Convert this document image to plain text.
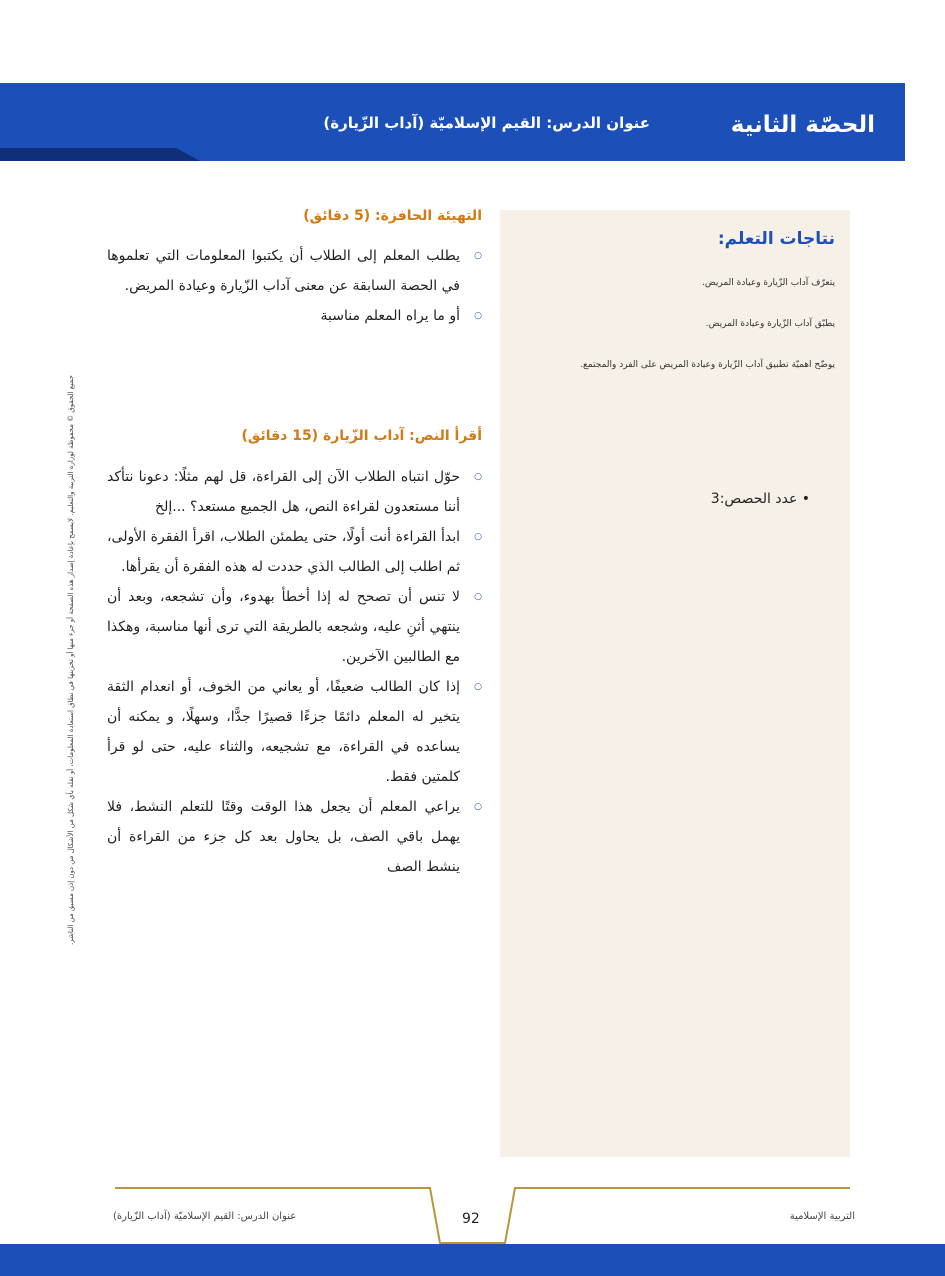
الحصّة الثانية
عنوان الدرس: القيم الإسلاميّة (آداب الزّيارة)
نتاجات التعلم:
يتعرّف آداب الزّيارة وعيادة المريض.
يطبّق آداب الزّيارة وعيادة المريض.
يوضّح اهميّة تطبيق آداب الزّيارة وعيادة المريض على الفرد والمجتمع.
• عدد الحصص:3
التهيئة الحافزة: (5 دقائق)
○ يطلب المعلم إلى الطلاب أن يكتبوا المعلومات التي تعلموها في الحصة السابقة عن معنى آداب الزّيارة وعيادة المريض.
○ أو ما يراه المعلم مناسبة
أقرأ النص: آداب الزّيارة (15 دقائق)
○ حوّل انتباه الطلاب الآن إلى القراءة، قل لهم مثلًا: دعونا نتأكد أننا مستعدون لقراءة النص، هل الجميع مستعد؟ ...إلخ
○ ابدأ القراءة أنت أولًا، حتى يطمئن الطلاب، اقرأ الفقرة الأولى، ثم اطلب إلى الطالب الذي حددت له هذه الفقرة أن يقرأها.
○ لا تنس أن تصحح له إذا أخطأ بهدوء، وأن تشجعه، وبعد أن ينتهي أثنِ عليه، وشجعه بالطريقة التي ترى أنها مناسبة، وهكذا مع الطالبين الآخرين.
○ إذا كان الطالب ضعيفًا، أو يعاني من الخوف، أو انعدام الثقة يتخير له المعلم دائمًا جزءًا قصيرًا جدًّا، وسهلًا، و يمكنه أن يساعده في القراءة، مع تشجيعه، والثناء عليه، حتى لو قرأ كلمتين فقط.
○ يراعي المعلم أن يجعل هذا الوقت وقتًا للتعلم النشط، فلا يهمل باقي الصف، بل يحاول بعد كل جزء من القراءة أن ينشط الصف
جميع الحقوق © محفوظة لوزارة التربية والتعليم. لايسمح بإعادة إصدار هذه الصفحة أو جزء منها أو تخزينها في نطاق استعادة المعلومات، أو نقله بأي شكل من الأشكال من دون إذن مسبق من الناشر.
التربية الإسلامية
92
عنوان الدرس: القيم الإسلاميّة (آداب الزّيارة)
